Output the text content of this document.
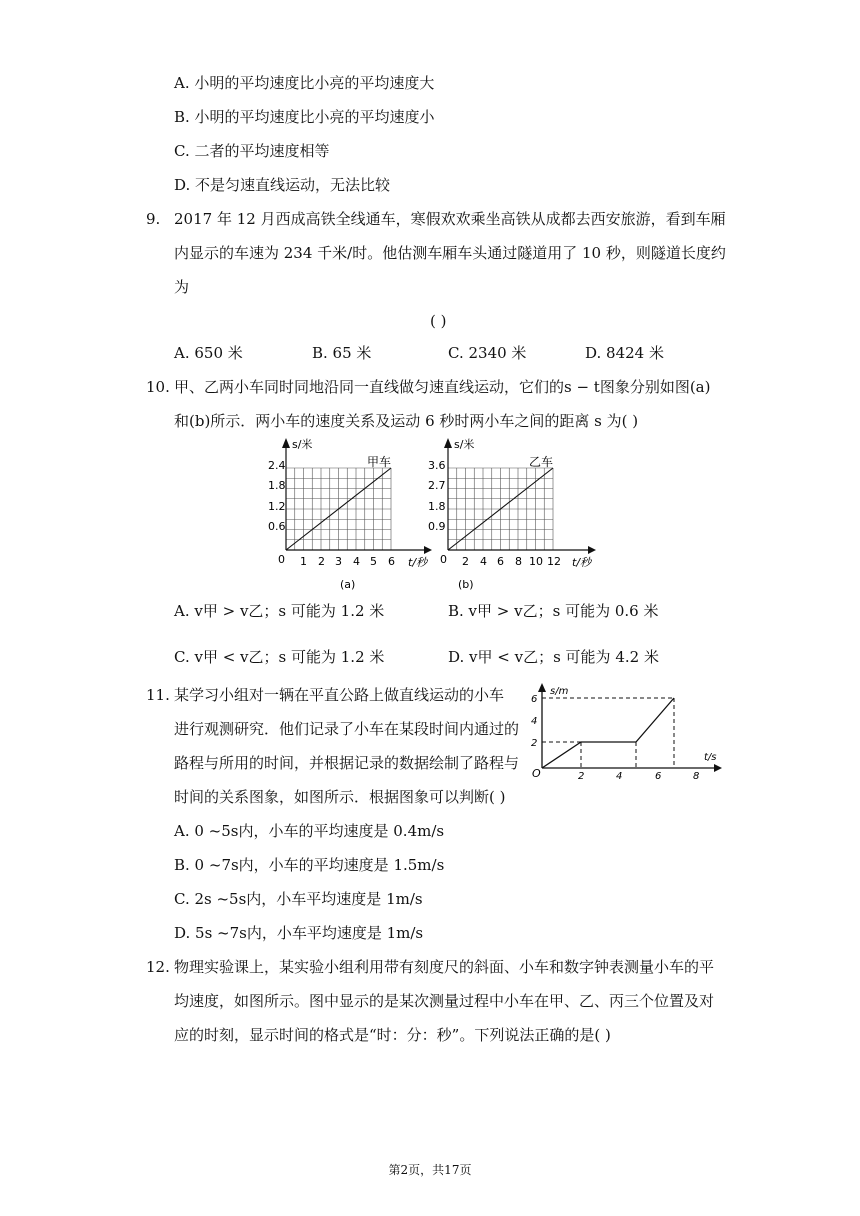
A. 小明的平均速度比小亮的平均速度大
B. 小明的平均速度比小亮的平均速度小
C. 二者的平均速度相等
D. 不是匀速直线运动，无法比较
9. 2017 年 12 月西成高铁全线通车，寒假欢欢乘坐高铁从成都去西安旅游，看到车厢
内显示的车速为 234 千米/时。他估测车厢车头通过隧道用了 10 秒，则隧道长度约
为
( )
A. 650 米	B. 65 米	C. 2340 米	D. 8424 米
10. 甲、乙两小车同时同地沿同一直线做匀速直线运动，它们的s − t图象分别如图(a)
和(b)所示．两小车的速度关系及运动 6 秒时两小车之间的距离 s 为( )
s/米
甲车
2.4
1.8
1.2
0.6
0 1 2 3 4 5 6 t/秒
(a)
s/米
乙车
3.6
2.7
1.8
0.9
0 2 4 6 8 10 12 t/秒
(b)
A. v甲 > v乙；s 可能为 1.2 米	B. v甲 > v乙；s 可能为 0.6 米
C. v甲 < v乙；s 可能为 1.2 米	D. v甲 < v乙；s 可能为 4.2 米
11. 某学习小组对一辆在平直公路上做直线运动的小车
进行观测研究．他们记录了小车在某段时间内通过的
路程与所用的时间，并根据记录的数据绘制了路程与
时间的关系图象，如图所示．根据图象可以判断( )
s/m
6
4
2
O	2	4	6	8
t/s
A. 0 ~5s内，小车的平均速度是 0.4m/s
B. 0 ~7s内，小车的平均速度是 1.5m/s
C. 2s ~5s内，小车平均速度是 1m/s
D. 5s ~7s内，小车平均速度是 1m/s
12. 物理实验课上，某实验小组利用带有刻度尺的斜面、小车和数字钟表测量小车的平
均速度，如图所示。图中显示的是某次测量过程中小车在甲、乙、丙三个位置及对
应的时刻，显示时间的格式是“时：分：秒”。下列说法正确的是( )
第2页，共17页
